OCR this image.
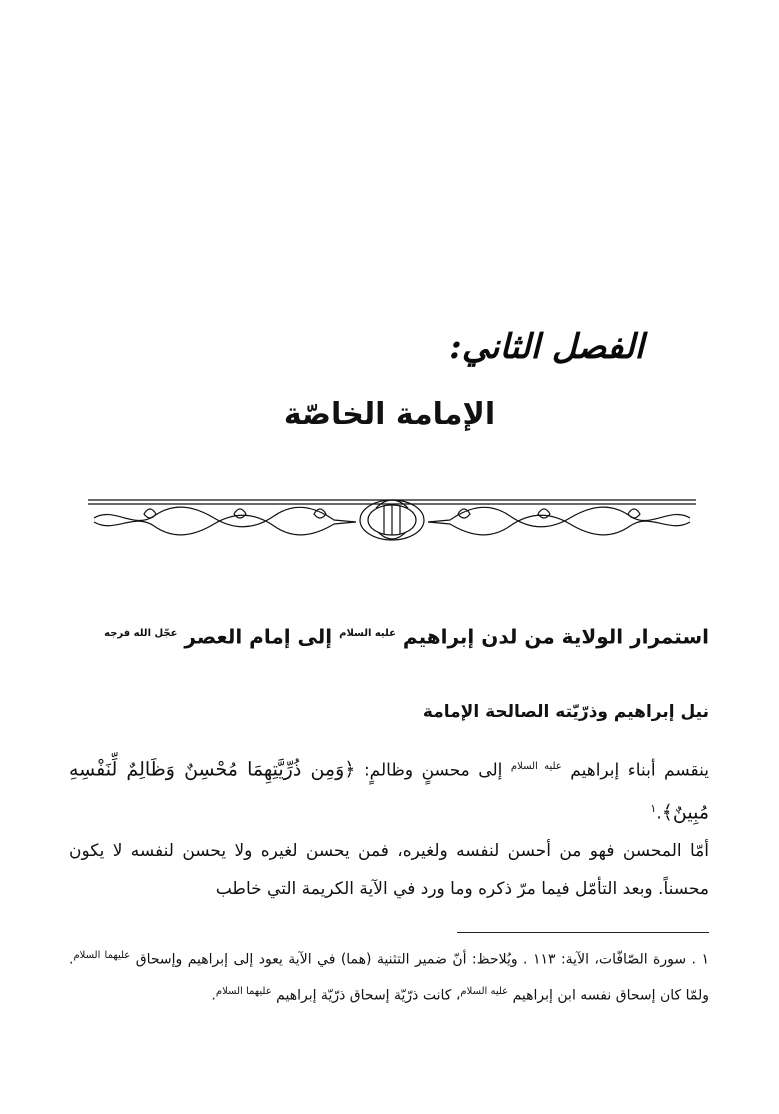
الفصل الثاني:
الإمامة الخاصّة
استمرار الولاية من لدن إبراهيم $^{عليه السلام}$ إلى إمام العصر $^{عجّل الله فرجه}$
نيل إبراهيم وذرّيّته الصالحة الإمامة

ينقسم أبناء إبراهيم $^{عليه السلام}$ إلى محسنٍ وظالمٍ: ﴿وَمِن ذُرِّيَّتِهِمَا مُحْسِنٌ وَظَالِمٌ لِّنَفْسِهِ مُبِينٌ﴾.$^١$

أمّا المحسن فهو من أحسن لنفسه ولغيره، فمن يحسن لغيره ولا يحسن لنفسه لا يكون محسناً. وبعد التأمّل فيما مرّ ذكره وما ورد في الآية الكريمة التي خاطب

١ . سورة الصّافّات، الآية: ١١٣ . ويُلاحظ: أنّ ضمير التثنية (هما) في الآية يعود إلى إبراهيم وإسحاق $^{عليهما السلام}$. ولمّا كان إسحاق نفسه ابن إبراهيم $^{عليه السلام}$، كانت ذرّيّة إسحاق ذرّيّة إبراهيم $^{عليهما السلام}$.
